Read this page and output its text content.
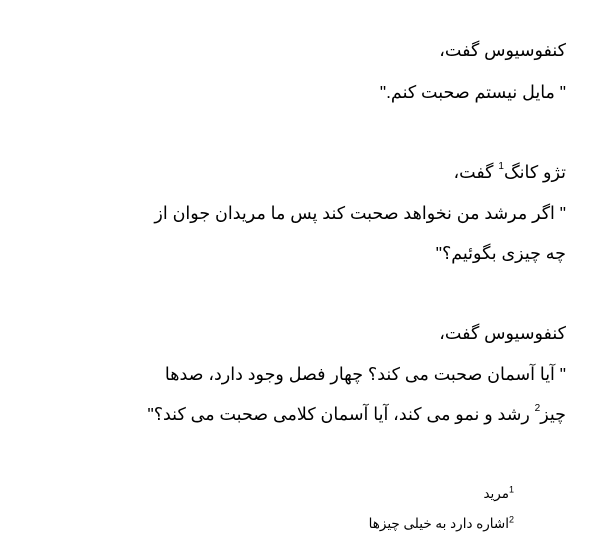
کنفوسیوس گفت،
" مایل نیستم صحبت کنم."
تژو کانگ$^1$ گفت،
" اگر مرشد من نخواهد صحبت کند پس ما مریدان جوان از
چه چیزی بگوئیم؟"
کنفوسیوس گفت،
" آیا آسمان صحبت می کند؟ چهار فصل وجود دارد، صدها
چیز$^2$ رشد و نمو می کند، آیا آسمان کلامی صحبت می کند؟"
$^1$مرید
$^2$اشاره دارد به خیلی چیزها
